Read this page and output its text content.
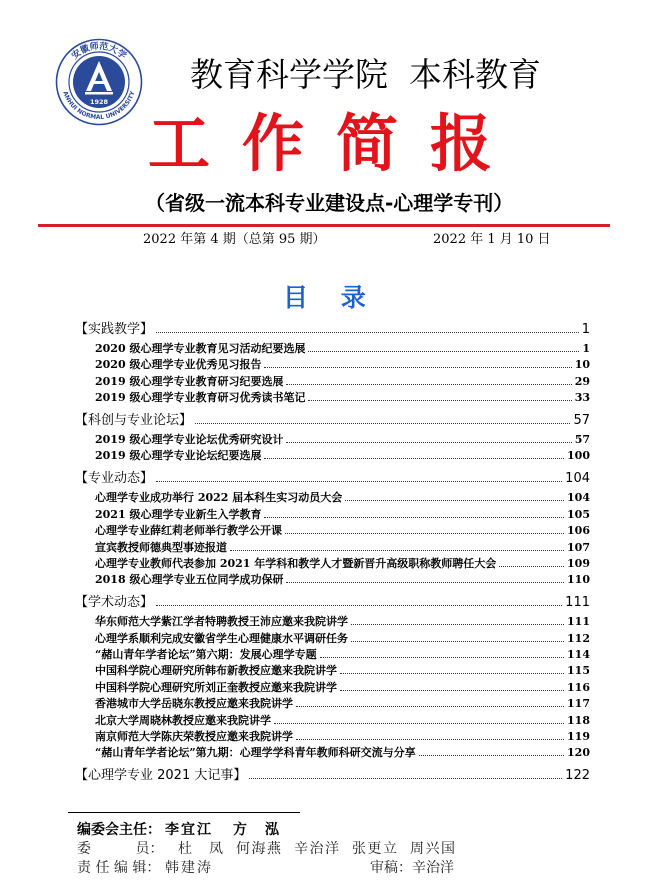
安徽师范大学
ANHUI NORMAL UNIVERSITY
1928
教育科学学院  本科教育
工作简报
（省级一流本科专业建设点-心理学专刊）
2022 年第 4 期（总第 95 期）	2022 年 1 月 10 日
目 录
【实践教学】	1
2020 级心理学专业教育见习活动纪要选展	1
2020 级心理学专业优秀见习报告	10
2019 级心理学专业教育研习纪要选展	29
2019 级心理学专业教育研习优秀读书笔记	33
【科创与专业论坛】	57
2019 级心理学专业论坛优秀研究设计	57
2019 级心理学专业论坛纪要选展	100
【专业动态】	104
心理学专业成功举行 2022 届本科生实习动员大会	104
2021 级心理学专业新生入学教育	105
心理学专业薛红莉老师举行教学公开课	106
宣宾教授师德典型事迹报道	107
心理学专业教师代表参加 2021 年学科和教学人才暨新晋升高级职称教师聘任大会	109
2018 级心理学专业五位同学成功保研	110
【学术动态】	111
华东师范大学紫江学者特聘教授王沛应邀来我院讲学	111
心理学系顺利完成安徽省学生心理健康水平调研任务	112
“赭山青年学者论坛”第六期：发展心理学专题	114
中国科学院心理研究所韩布新教授应邀来我院讲学	115
中国科学院心理研究所刘正奎教授应邀来我院讲学	116
香港城市大学岳晓东教授应邀来我院讲学	117
北京大学周晓林教授应邀来我院讲学	118
南京师范大学陈庆荣教授应邀来我院讲学	119
“赭山青年学者论坛”第九期：心理学学科青年教师科研交流与分享	120
【心理学专业 2021 大记事】	122
编委会主任： 李宜江 方 泓
委 员： 杜 凤 何海燕 辛治洋 张更立 周兴国
责 任 编 辑： 韩建涛	审稿：辛治洋
